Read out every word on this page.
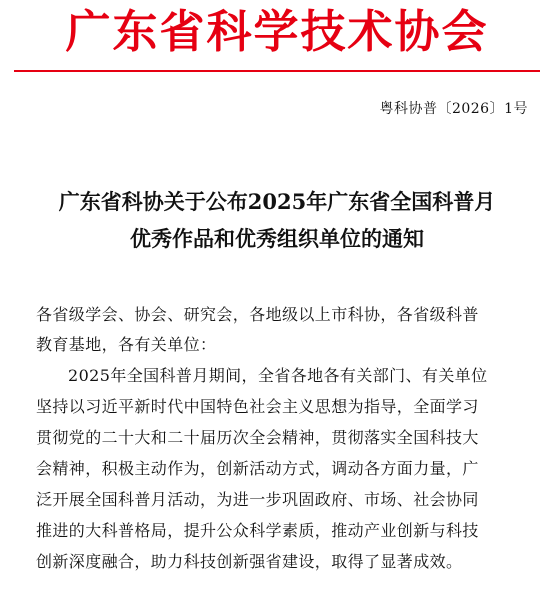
广东省科学技术协会
粤科协普〔2026〕1号
广东省科协关于公布2025年广东省全国科普月
优秀作品和优秀组织单位的通知
各省级学会、协会、研究会，各地级以上市科协，各省级科普
教育基地，各有关单位：
2025年全国科普月期间，全省各地各有关部门、有关单位
坚持以习近平新时代中国特色社会主义思想为指导，全面学习
贯彻党的二十大和二十届历次全会精神，贯彻落实全国科技大
会精神，积极主动作为，创新活动方式，调动各方面力量，广
泛开展全国科普月活动，为进一步巩固政府、市场、社会协同
推进的大科普格局，提升公众科学素质，推动产业创新与科技
创新深度融合，助力科技创新强省建设，取得了显著成效。
